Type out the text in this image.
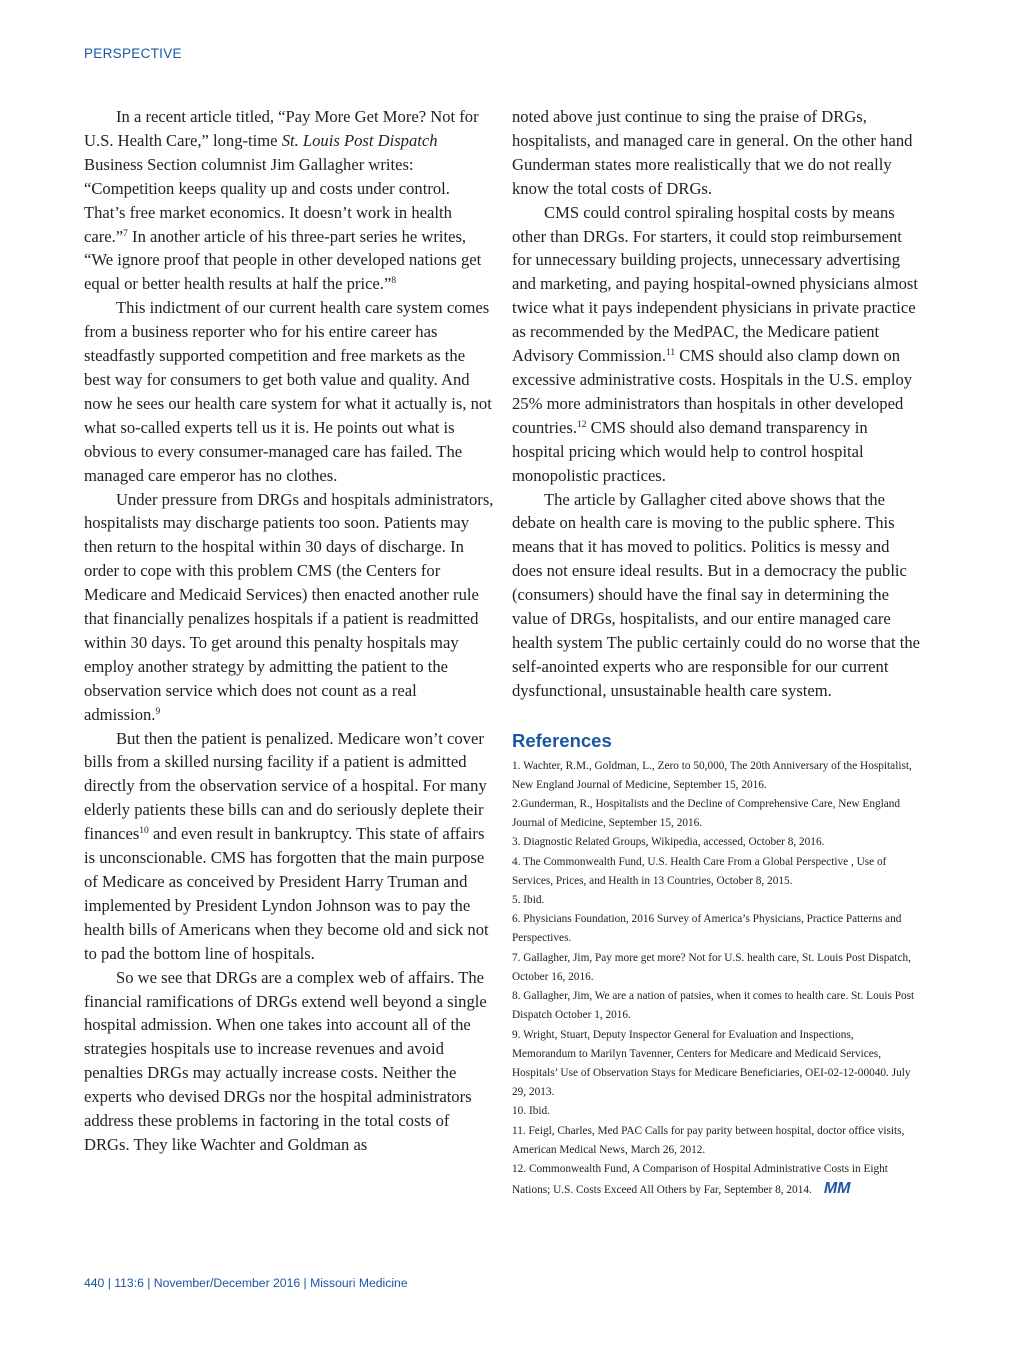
PERSPECTIVE

In a recent article titled, “Pay More Get More? Not for U.S. Health Care,” long-time St. Louis Post Dispatch Business Section columnist Jim Gallagher writes: “Competition keeps quality up and costs under control. That’s free market economics. It doesn’t work in health care.”$^7$ In another article of his three-part series he writes, “We ignore proof that people in other developed nations get equal or better health results at half the price.”$^8$

This indictment of our current health care system comes from a business reporter who for his entire career has steadfastly supported competition and free markets as the best way for consumers to get both value and quality. And now he sees our health care system for what it actually is, not what so-called experts tell us it is. He points out what is obvious to every consumer-managed care has failed. The managed care emperor has no clothes.

Under pressure from DRGs and hospitals administrators, hospitalists may discharge patients too soon. Patients may then return to the hospital within 30 days of discharge. In order to cope with this problem CMS (the Centers for Medicare and Medicaid Services) then enacted another rule that financially penalizes hospitals if a patient is readmitted within 30 days. To get around this penalty hospitals may employ another strategy by admitting the patient to the observation service which does not count as a real admission.$^9$

But then the patient is penalized. Medicare won’t cover bills from a skilled nursing facility if a patient is admitted directly from the observation service of a hospital. For many elderly patients these bills can and do seriously deplete their finances$^{10}$ and even result in bankruptcy. This state of affairs is unconscionable. CMS has forgotten that the main purpose of Medicare as conceived by President Harry Truman and implemented by President Lyndon Johnson was to pay the health bills of Americans when they become old and sick not to pad the bottom line of hospitals.

So we see that DRGs are a complex web of affairs. The financial ramifications of DRGs extend well beyond a single hospital admission. When one takes into account all of the strategies hospitals use to increase revenues and avoid penalties DRGs may actually increase costs. Neither the experts who devised DRGs nor the hospital administrators address these problems in factoring in the total costs of DRGs. They like Wachter and Goldman as

noted above just continue to sing the praise of DRGs, hospitalists, and managed care in general. On the other hand Gunderman states more realistically that we do not really know the total costs of DRGs.

CMS could control spiraling hospital costs by means other than DRGs. For starters, it could stop reimbursement for unnecessary building projects, unnecessary advertising and marketing, and paying hospital-owned physicians almost twice what it pays independent physicians in private practice as recommended by the MedPAC, the Medicare patient Advisory Commission.$^{11}$ CMS should also clamp down on excessive administrative costs. Hospitals in the U.S. employ 25% more administrators than hospitals in other developed countries.$^{12}$ CMS should also demand transparency in hospital pricing which would help to control hospital monopolistic practices.

The article by Gallagher cited above shows that the debate on health care is moving to the public sphere. This means that it has moved to politics. Politics is messy and does not ensure ideal results. But in a democracy the public (consumers) should have the final say in determining the value of DRGs, hospitalists, and our entire managed care health system The public certainly could do no worse that the self-anointed experts who are responsible for our current dysfunctional, unsustainable health care system.

References
1. Wachter, R.M., Goldman, L., Zero to 50,000, The 20th Anniversary of the Hospitalist, New England Journal of Medicine, September 15, 2016.
2.Gunderman, R., Hospitalists and the Decline of Comprehensive Care, New England Journal of Medicine, September 15, 2016.
3. Diagnostic Related Groups, Wikipedia, accessed, October 8, 2016.
4. The Commonwealth Fund, U.S. Health Care From a Global Perspective , Use of Services, Prices, and Health in 13 Countries, October 8, 2015.
5. Ibid.
6. Physicians Foundation, 2016 Survey of America’s Physicians, Practice Patterns and Perspectives.
7. Gallagher, Jim, Pay more get more? Not for U.S. health care, St. Louis Post Dispatch, October 16, 2016.
8. Gallagher, Jim, We are a nation of patsies, when it comes to health care. St. Louis Post Dispatch October 1, 2016.
9. Wright, Stuart, Deputy Inspector General for Evaluation and Inspections, Memorandum to Marilyn Tavenner, Centers for Medicare and Medicaid Services, Hospitals’ Use of Observation Stays for Medicare Beneficiaries, OEI-02-12-00040. July 29, 2013.
10. Ibid.
11. Feigl, Charles, Med PAC Calls for pay parity between hospital, doctor office visits, American Medical News, March 26, 2012.
12. Commonwealth Fund, A Comparison of Hospital Administrative Costs in Eight Nations; U.S. Costs Exceed All Others by Far, September 8, 2014. MM
440 | 113:6 | November/December 2016 | Missouri Medicine
